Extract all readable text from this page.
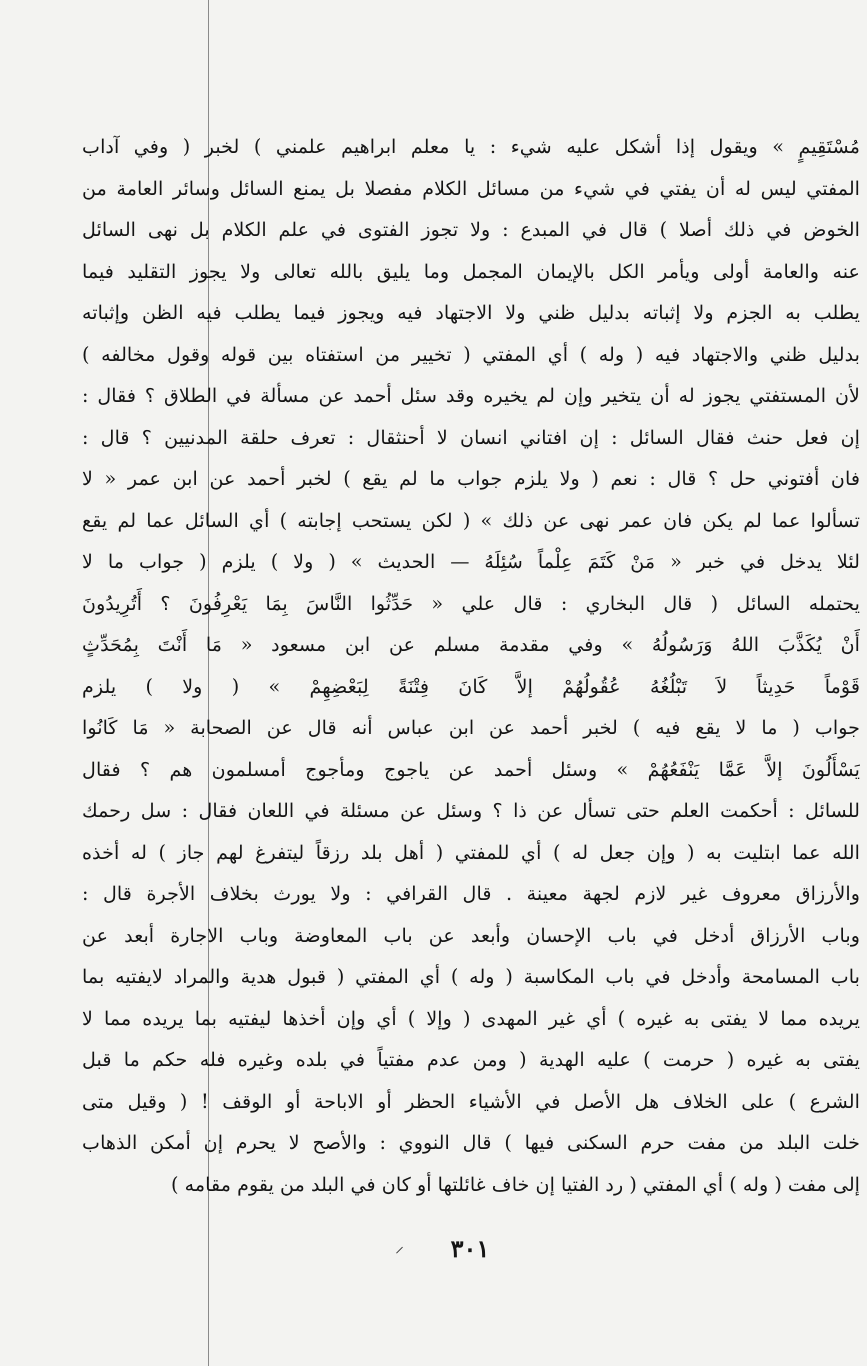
مُسْتَقِيمٍ » ويقول إذا أشكل عليه شيء : يا معلم ابراهيم علمني ) لخبر ( وفي آداب
المفتي ليس له أن يفتي في شيء من مسائل الكلام مفصلا بل يمنع السائل وسائر العامة من
الخوض في ذلك أصلا ) قال في المبدع : ولا تجوز الفتوى في علم الكلام بل نهى السائل
عنه والعامة أولى ويأمر الكل بالإيمان المجمل وما يليق بالله تعالى ولا يجوز التقليد فيما
يطلب به الجزم ولا إثباته بدليل ظني ولا الاجتهاد فيه ويجوز فيما يطلب فيه الظن وإثباته
بدليل ظني والاجتهاد فيه ( وله ) أي المفتي ( تخيير من استفتاه بين قوله وقول مخالفه )
لأن المستفتي يجوز له أن يتخير وإن لم يخيره وقد سئل أحمد عن مسألة في الطلاق ؟ فقال :
إن فعل حنث فقال السائل : إن افتاني انسان لا أحنثقال : تعرف حلقة المدنيين ؟ قال :
فان أفتوني حل ؟ قال : نعم ( ولا يلزم جواب ما لم يقع ) لخبر أحمد عن ابن عمر « لا
تسألوا عما لم يكن فان عمر نهى عن ذلك » ( لكن يستحب إجابته ) أي السائل عما لم يقع
لئلا يدخل في خبر « مَنْ كَتَمَ عِلْماً سُئِلَهُ — الحديث » ( ولا ) يلزم ( جواب ما لا
يحتمله السائل ( قال البخاري : قال علي « حَدِّثُوا النَّاسَ بِمَا يَعْرِفُونَ ؟ أَتُرِيدُونَ
أَنْ يُكَذَّبَ اللهُ وَرَسُولُهُ » وفي مقدمة مسلم عن ابن مسعود « مَا أَنْتَ بِمُحَدِّثٍ
قَوْماً حَدِيثاً لاَ تَبْلُغُهُ عُقُولُهُمْ إلاَّ كَانَ فِتْنَةً لِبَعْضِهِمْ » ( ولا ) يلزم
جواب ( ما لا يقع فيه ) لخبر أحمد عن ابن عباس أنه قال عن الصحابة « مَا كَانُوا
يَسْأَلُونَ إلاَّ عَمَّا يَنْفَعُهُمْ » وسئل أحمد عن ياجوج ومأجوج أمسلمون هم ؟ فقال
للسائل : أحكمت العلم حتى تسأل عن ذا ؟ وسئل عن مسئلة في اللعان فقال : سل رحمك
الله عما ابتليت به ( وإن جعل له ) أي للمفتي ( أهل بلد رزقاً ليتفرغ لهم جاز ) له أخذه
والأرزاق معروف غير لازم لجهة معينة . قال القرافي : ولا يورث بخلاف الأجرة قال :
وباب الأرزاق أدخل في باب الإحسان وأبعد عن باب المعاوضة وباب الاجارة أبعد عن
باب المسامحة وأدخل في باب المكاسبة ( وله ) أي المفتي ( قبول هدية والمراد لايفتيه بما
يريده مما لا يفتى به غيره ) أي غير المهدى ( وإلا ) أي وإن أخذها ليفتيه بما يريده مما لا
يفتى به غيره ( حرمت ) عليه الهدية ( ومن عدم مفتياً في بلده وغيره فله حكم ما قبل
الشرع ) على الخلاف هل الأصل في الأشياء الحظر أو الاباحة أو الوقف ! ( وقيل متى
خلت البلد من مفت حرم السكنى فيها ) قال النووي : والأصح لا يحرم إن أمكن الذهاب
إلى مفت ( وله ) أي المفتي ( رد الفتيا إن خاف غائلتها أو كان في البلد من يقوم مقامه )
⸝	٣٠١
